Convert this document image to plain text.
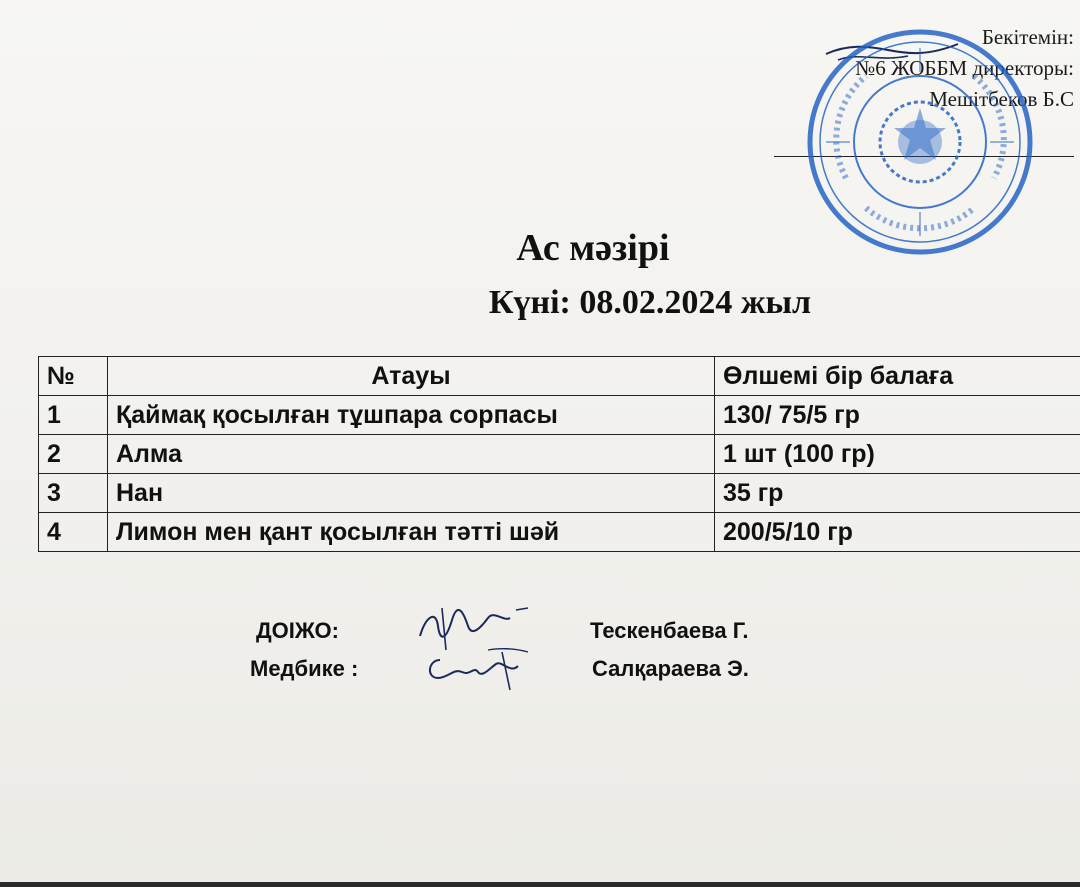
Бекітемін:
№6 ЖОББМ директоры:
Мешітбеков Б.С
Ас мәзірі
Күні: 08.02.2024 жыл
№	Атауы	Өлшемі бір балаға
1	Қаймақ қосылған тұшпара сорпасы	130/ 75/5 гр
2	Алма	1 шт (100 гр)
3	Нан	35 гр
4	Лимон мен қант қосылған тәтті шәй	200/5/10 гр
ДОІЖО:	Тескенбаева Г.
Медбике :	Салқараева Э.
